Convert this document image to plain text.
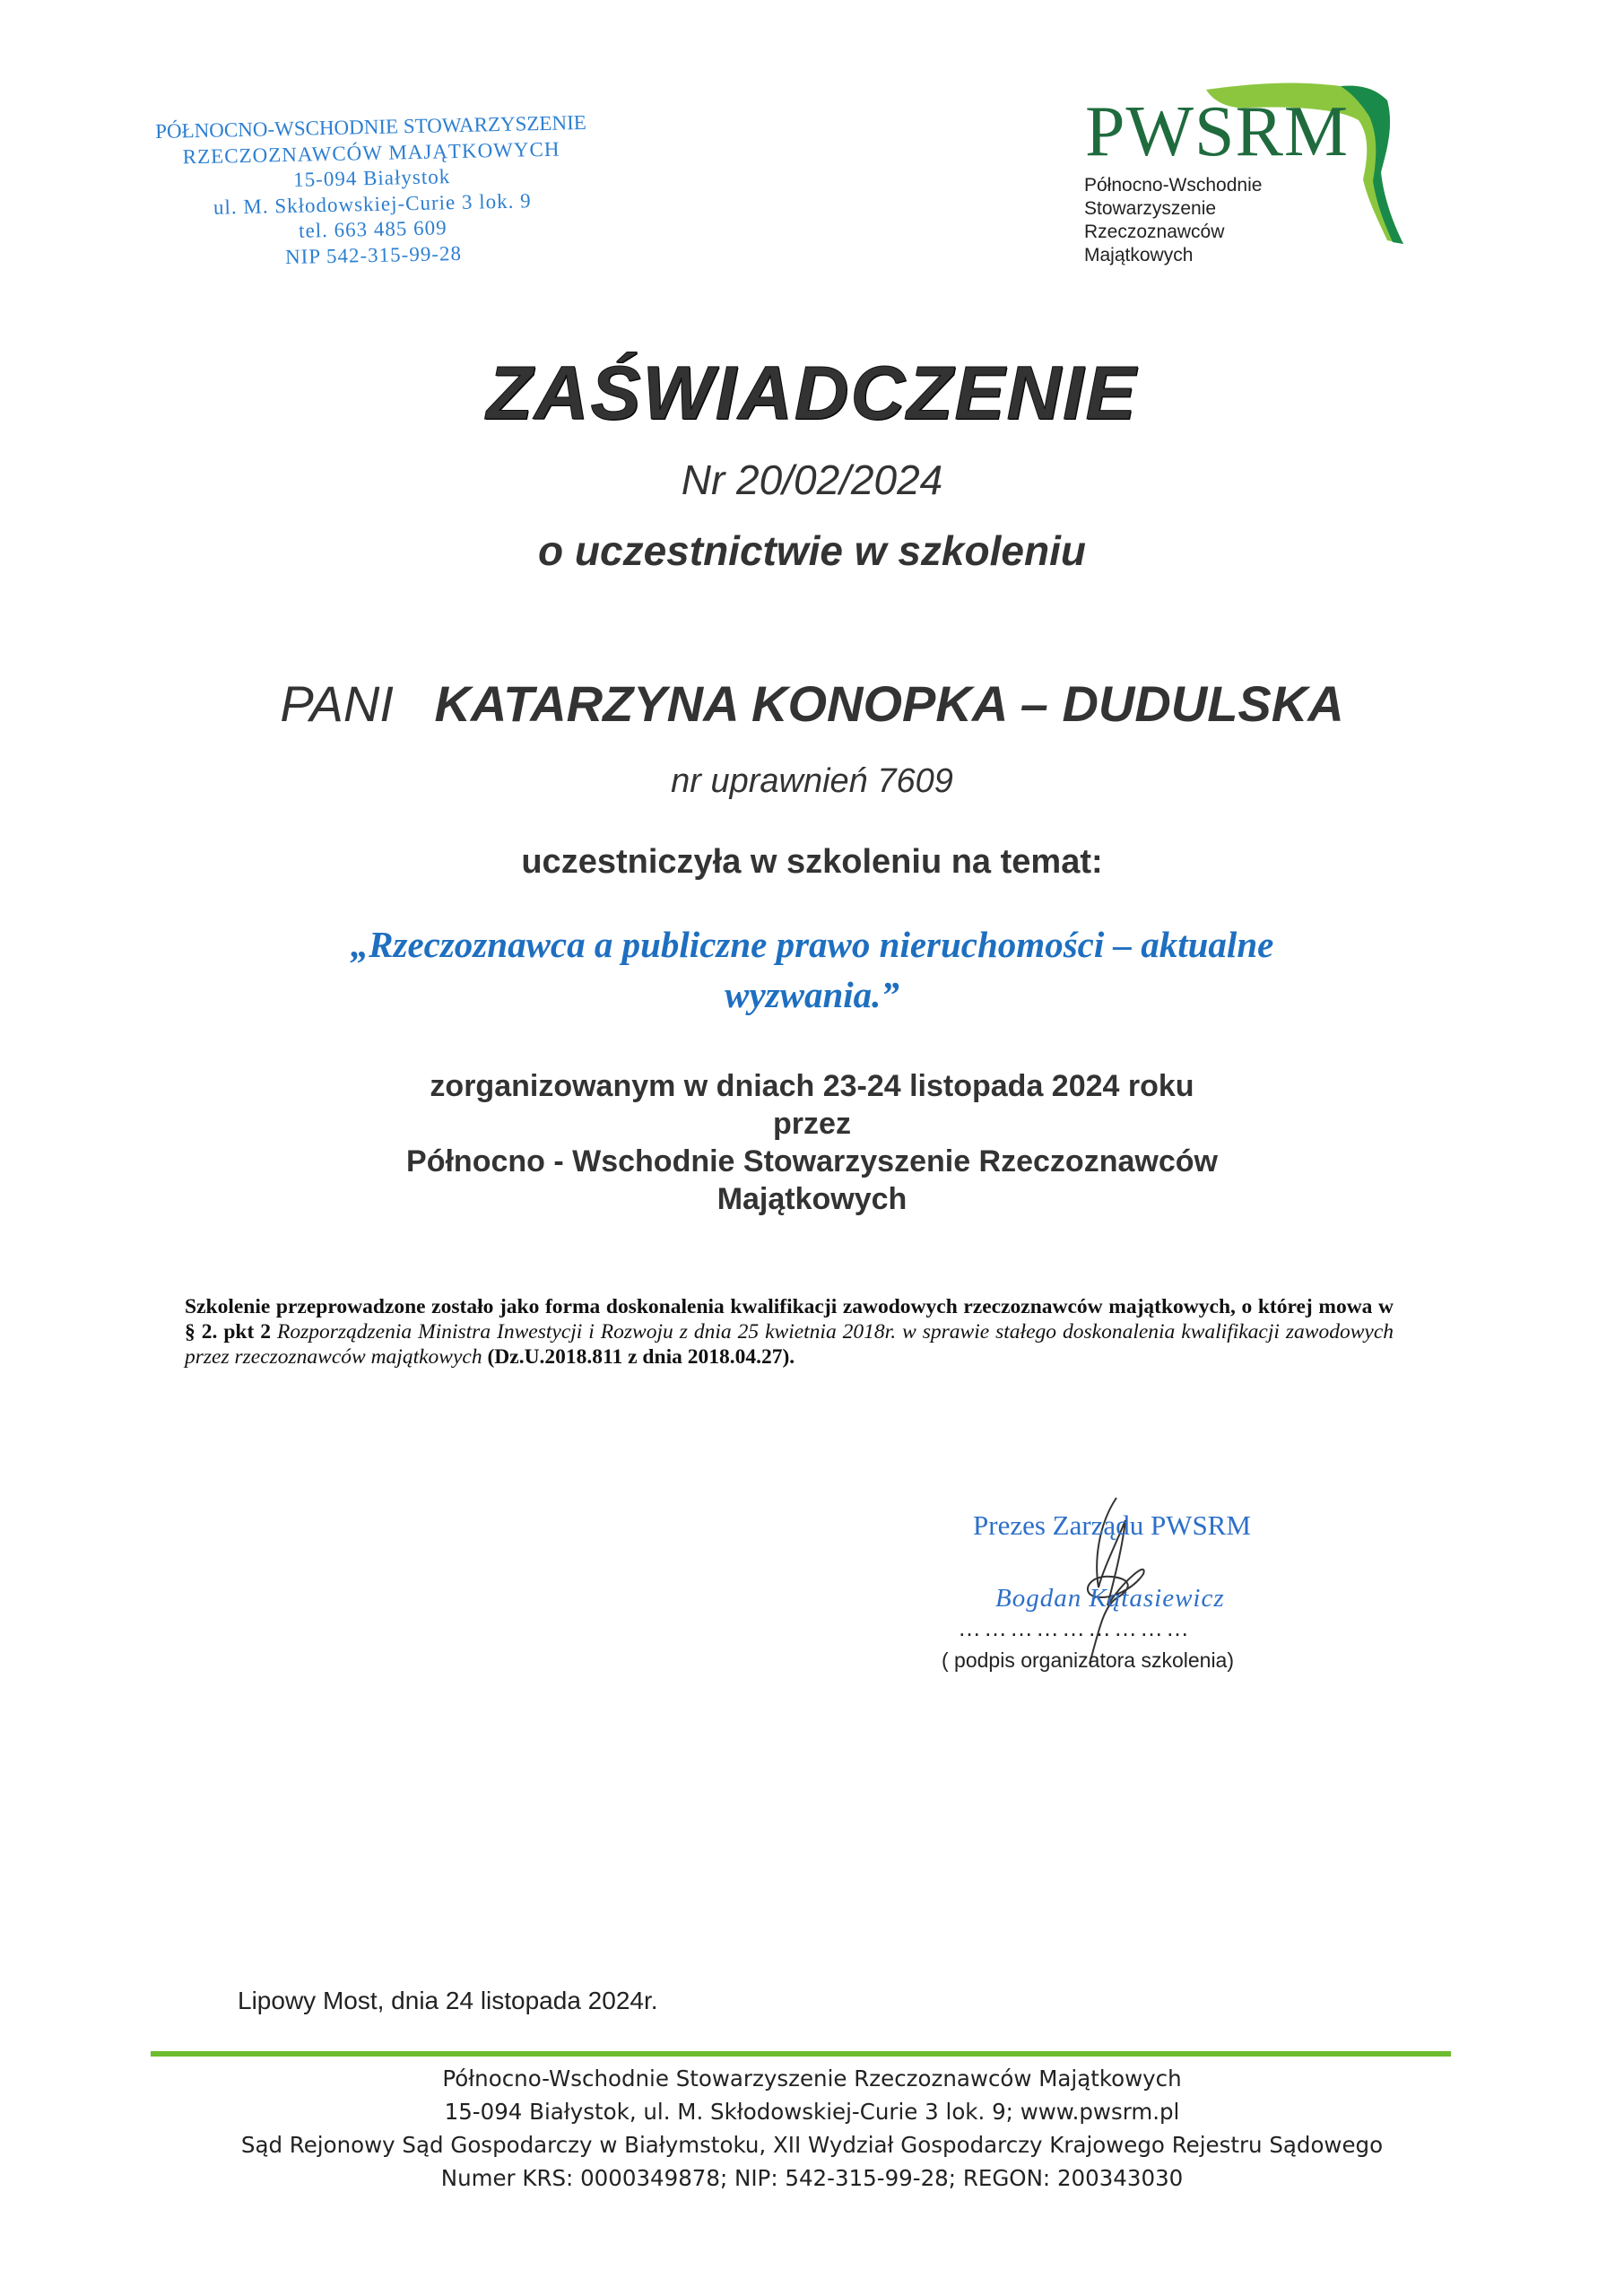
PÓŁNOCNO-WSCHODNIE STOWARZYSZENIE
RZECZOZNAWCÓW MAJĄTKOWYCH
15-094 Białystok
ul. M. Skłodowskiej-Curie 3 lok. 9
tel. 663 485 609
NIP 542-315-99-28
PWSRM
Północno-Wschodnie
Stowarzyszenie
Rzeczoznawców
Majątkowych
ZAŚWIADCZENIE
Nr 20/02/2024
o uczestnictwie w szkoleniu
PANI KATARZYNA KONOPKA – DUDULSKA
nr uprawnień 7609
uczestniczyła w szkoleniu na temat:
„Rzeczoznawca a publiczne prawo nieruchomości – aktualne
wyzwania.”
zorganizowanym w dniach 23-24 listopada 2024 roku
przez
Północno - Wschodnie Stowarzyszenie Rzeczoznawców
Majątkowych
Szkolenie przeprowadzone zostało jako forma doskonalenia kwalifikacji zawodowych rzeczoznawców majątkowych, o której mowa w § 2. pkt 2 Rozporządzenia Ministra Inwestycji i Rozwoju z dnia 25 kwietnia 2018r. w sprawie stałego doskonalenia kwalifikacji zawodowych przez rzeczoznawców majątkowych (Dz.U.2018.811 z dnia 2018.04.27).
Prezes Zarządu PWSRM
Bogdan Kątasiewicz
………………………
( podpis organizatora szkolenia)
Lipowy Most, dnia 24 listopada 2024r.
Północno-Wschodnie Stowarzyszenie Rzeczoznawców Majątkowych
15-094 Białystok, ul. M. Skłodowskiej-Curie 3 lok. 9; www.pwsrm.pl
Sąd Rejonowy Sąd Gospodarczy w Białymstoku, XII Wydział Gospodarczy Krajowego Rejestru Sądowego
Numer KRS: 0000349878; NIP: 542-315-99-28; REGON: 200343030
